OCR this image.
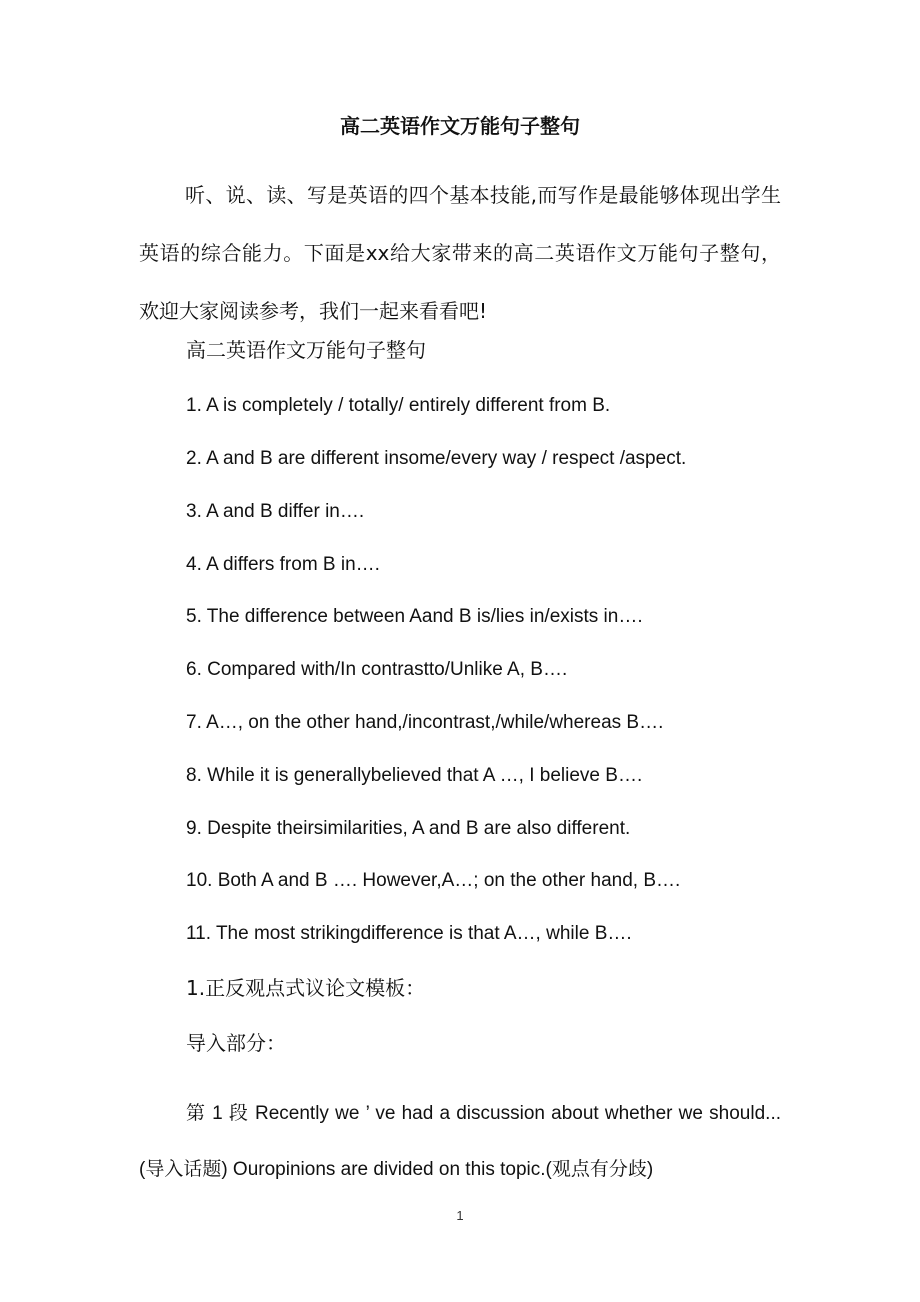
高二英语作文万能句子整句
听、说、读、写是英语的四个基本技能,而写作是最能够体现出学生英语的综合能力。下面是xx给大家带来的高二英语作文万能句子整句，欢迎大家阅读参考，我们一起来看看吧!
高二英语作文万能句子整句
1. A is completely / totally/ entirely different from B.
2. A and B are different insome/every way / respect /aspect.
3. A and B differ in….
4. A differs from B in….
5. The difference between Aand B is/lies in/exists in….
6. Compared with/In contrastto/Unlike A, B….
7. A…, on the other hand,/incontrast,/while/whereas B….
8. While it is generallybelieved that A …, I believe B….
9. Despite theirsimilarities, A and B are also different.
10. Both A and B …. However,A…; on the other hand, B….
11. The most strikingdifference is that A…, while B….
1.正反观点式议论文模板：
导入部分：
第 1 段 Recently we ’ ve had a discussion about whether we should...(导入话题) Ouropinions are divided on this topic.(观点有分歧)
1
